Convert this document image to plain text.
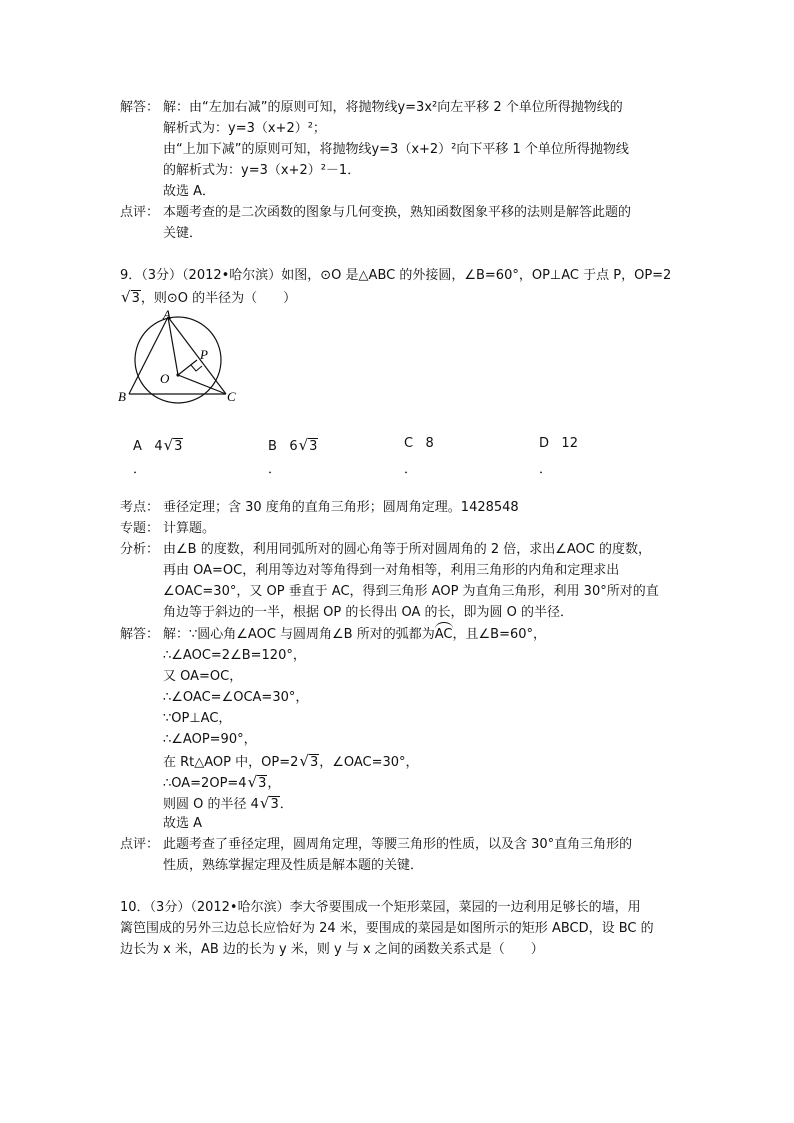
解答： 解：由“左加右减”的原则可知，将抛物线y=3x²向左平移 2 个单位所得抛物线的
解析式为：y=3（x+2）²；
由“上加下减”的原则可知，将抛物线y=3（x+2）²向下平移 1 个单位所得抛物线
的解析式为：y=3（x+2）²－1．
故选 A．
点评： 本题考查的是二次函数的图象与几何变换，熟知函数图象平移的法则是解答此题的
关键．
9．（3分）（2012•哈尔滨）如图，⊙O 是△ABC 的外接圆，∠B=60°，OP⊥AC 于点 P，OP=2
√3，则⊙O 的半径为（　　）
A
B	C
O
P
A 4√3
．
B 6√3
．
C 8
．
D 12
．
考点： 垂径定理；含 30 度角的直角三角形；圆周角定理。1428548
专题： 计算题。
分析： 由∠B 的度数，利用同弧所对的圆心角等于所对圆周角的 2 倍，求出∠AOC 的度数，
再由 OA=OC，利用等边对等角得到一对角相等，利用三角形的内角和定理求出
∠OAC=30°，又 OP 垂直于 AC，得到三角形 AOP 为直角三角形，利用 30°所对的直
角边等于斜边的一半，根据 OP 的长得出 OA 的长，即为圆 O 的半径．
解答： 解：∵圆心角∠AOC 与圆周角∠B 所对的弧都为AC，且∠B=60°，
∴∠AOC=2∠B=120°，
又 OA=OC，
∴∠OAC=∠OCA=30°，
∵OP⊥AC，
∴∠AOP=90°，
在 Rt△AOP 中，OP=2√3，∠OAC=30°，
∴OA=2OP=4√3，
则圆 O 的半径 4√3．
故选 A
点评： 此题考查了垂径定理，圆周角定理，等腰三角形的性质，以及含 30°直角三角形的
性质，熟练掌握定理及性质是解本题的关键．
10．（3分）（2012•哈尔滨）李大爷要围成一个矩形菜园，菜园的一边利用足够长的墙，用
篱笆围成的另外三边总长应恰好为 24 米，要围成的菜园是如图所示的矩形 ABCD，设 BC 的
边长为 x 米，AB 边的长为 y 米，则 y 与 x 之间的函数关系式是（　　）
